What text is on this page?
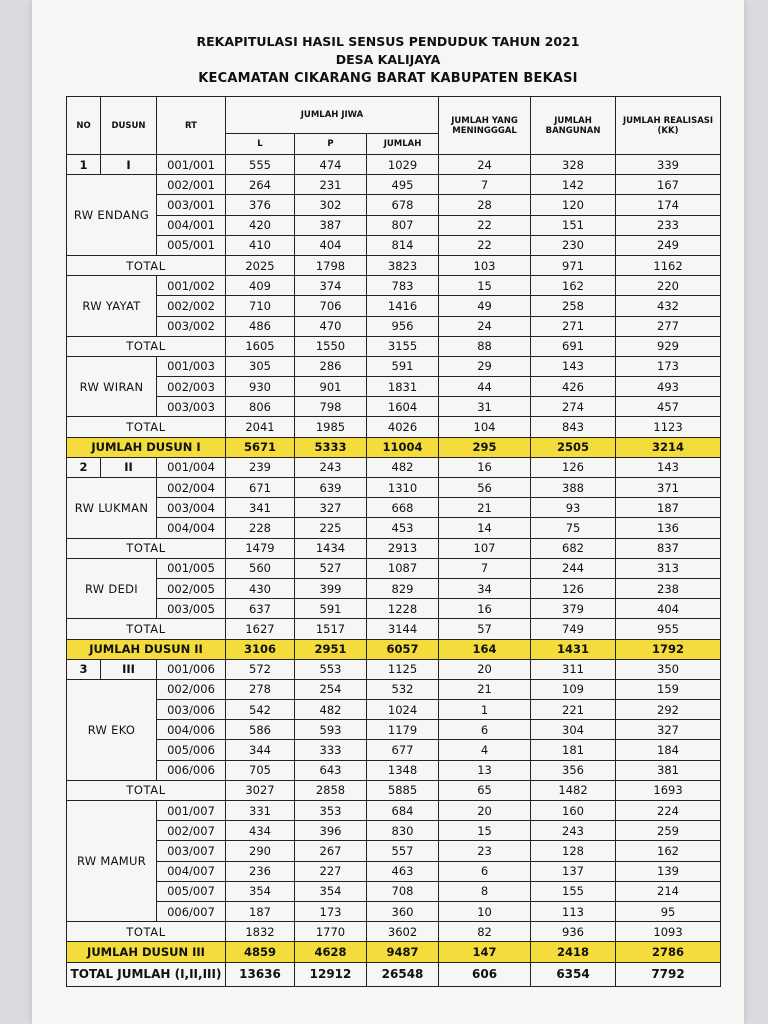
REKAPITULASI HASIL SENSUS PENDUDUK TAHUN 2021
DESA KALIJAYA
KECAMATAN CIKARANG BARAT KABUPATEN BEKASI
NO	DUSUN	RT	JUMLAH JIWA			JUMLAH YANG MENINGGGAL	JUMLAH BANGUNAN	JUMLAH REALISASI (KK)
			L	P	JUMLAH			
1	I	001/001	555	474	1029	24	328	339
RW ENDANG		002/001	264	231	495	7	142	167
		003/001	376	302	678	28	120	174
		004/001	420	387	807	22	151	233
		005/001	410	404	814	22	230	249
TOTAL			2025	1798	3823	103	971	1162
RW YAYAT		001/002	409	374	783	15	162	220
		002/002	710	706	1416	49	258	432
		003/002	486	470	956	24	271	277
TOTAL			1605	1550	3155	88	691	929
RW WIRAN		001/003	305	286	591	29	143	173
		002/003	930	901	1831	44	426	493
		003/003	806	798	1604	31	274	457
TOTAL			2041	1985	4026	104	843	1123
JUMLAH DUSUN I			5671	5333	11004	295	2505	3214
2	II	001/004	239	243	482	16	126	143
RW LUKMAN		002/004	671	639	1310	56	388	371
		003/004	341	327	668	21	93	187
		004/004	228	225	453	14	75	136
TOTAL			1479	1434	2913	107	682	837
RW DEDI		001/005	560	527	1087	7	244	313
		002/005	430	399	829	34	126	238
		003/005	637	591	1228	16	379	404
TOTAL			1627	1517	3144	57	749	955
JUMLAH DUSUN II			3106	2951	6057	164	1431	1792
3	III	001/006	572	553	1125	20	311	350
RW EKO		002/006	278	254	532	21	109	159
		003/006	542	482	1024	1	221	292
		004/006	586	593	1179	6	304	327
		005/006	344	333	677	4	181	184
		006/006	705	643	1348	13	356	381
TOTAL			3027	2858	5885	65	1482	1693
RW MAMUR		001/007	331	353	684	20	160	224
		002/007	434	396	830	15	243	259
		003/007	290	267	557	23	128	162
		004/007	236	227	463	6	137	139
		005/007	354	354	708	8	155	214
		006/007	187	173	360	10	113	95
TOTAL			1832	1770	3602	82	936	1093
JUMLAH DUSUN III			4859	4628	9487	147	2418	2786
TOTAL JUMLAH (I,II,III)			13636	12912	26548	606	6354	7792
